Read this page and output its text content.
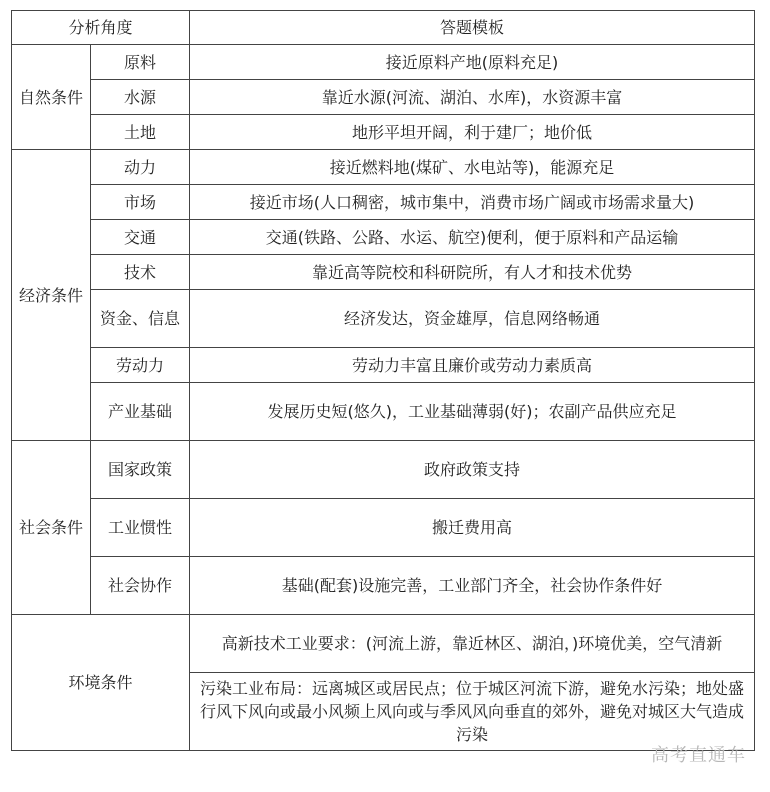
分析角度		答题模板
自然条件	原料	接近原料产地(原料充足)
	水源	靠近水源(河流、湖泊、水库)，水资源丰富
	土地	地形平坦开阔，利于建厂；地价低
经济条件	动力	接近燃料地(煤矿、水电站等)，能源充足
	市场	接近市场(人口稠密，城市集中，消费市场广阔或市场需求量大)
	交通	交通(铁路、公路、水运、航空)便利，便于原料和产品运输
	技术	靠近高等院校和科研院所，有人才和技术优势
	资金、信息	经济发达，资金雄厚，信息网络畅通
	劳动力	劳动力丰富且廉价或劳动力素质高
	产业基础	发展历史短(悠久)，工业基础薄弱(好)；农副产品供应充足
社会条件	国家政策	政府政策支持
	工业惯性	搬迁费用高
	社会协作	基础(配套)设施完善，工业部门齐全，社会协作条件好
环境条件		高新技术工业要求：(河流上游，靠近林区、湖泊，)环境优美，空气清新
		污染工业布局：远离城区或居民点；位于城区河流下游，避免水污染；地处盛行风下风向或最小风频上风向或与季风风向垂直的郊外，避免对城区大气造成污染
高考直通车
